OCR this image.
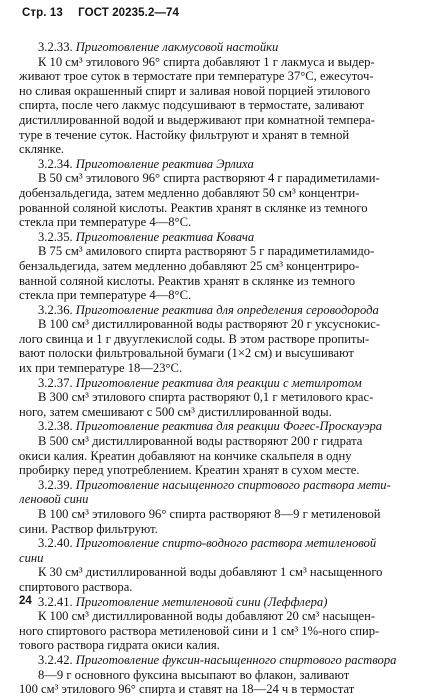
Стр. 13 ГОСТ 20235.2—74

3.2.33. Приготовление лакмусовой настойки
К 10 см³ этилового 96° спирта добавляют 1 г лакмуса и выдер-
живают трое суток в термостате при температуре 37°С, ежесуточ-
но сливая окрашенный спирт и заливая новой порцией этилового
спирта, после чего лакмус подсушивают в термостате, заливают
дистиллированной водой и выдерживают при комнатной темпера-
туре в течение суток. Настойку фильтруют и хранят в темной
склянке.

3.2.34. Приготовление реактива Эрлиха
В 50 см³ этилового 96° спирта растворяют 4 г парадиметилами-
добензальдегида, затем медленно добавляют 50 см³ концентри-
рованной соляной кислоты. Реактив хранят в склянке из темного
стекла при температуре 4—8°С.

3.2.35. Приготовление реактива Ковача
В 75 см³ амилового спирта растворяют 5 г парадиметиламидо-
бензальдегида, затем медленно добавляют 25 см³ концентриро-
ванной соляной кислоты. Реактив хранят в склянке из темного
стекла при температуре 4—8°С.

3.2.36. Приготовление реактива для определения сероводорода
В 100 см³ дистиллированной воды растворяют 20 г уксуснокис-
лого свинца и 1 г двууглекислой соды. В этом растворе пропиты-
вают полоски фильтровальной бумаги (1×2 см) и высушивают
их при температуре 18—23°С.

3.2.37. Приготовление реактива для реакции с метилротом
В 300 см³ этилового спирта растворяют 0,1 г метилового крас-
ного, затем смешивают с 500 см³ дистиллированной воды.

3.2.38. Приготовление реактива для реакции Фогес-Проскауэра
В 500 см³ дистиллированной воды растворяют 200 г гидрата
окиси калия. Креатин добавляют на кончике скальпеля в одну
пробирку перед употреблением. Креатин хранят в сухом месте.

3.2.39. Приготовление насыщенного спиртового раствора мети-
леновой сини
В 100 см³ этилового 96° спирта растворяют 8—9 г метиленовой
сини. Раствор фильтруют.

3.2.40. Приготовление спирто-водного раствора метиленовой
сини
К 30 см³ дистиллированной воды добавляют 1 см³ насыщенного
спиртового раствора.

3.2.41. Приготовление метиленовой сини (Леффлера)
К 100 см³ дистиллированной воды добавляют 20 см³ насыщен-
ного спиртового раствора метиленовой сини и 1 см³ 1%-ного спир-
тового раствора гидрата окиси калия.

3.2.42. Приготовление фуксин-насыщенного спиртового раствора
8—9 г основного фуксина высыпают во флакон, заливают
100 см³ этилового 96° спирта и ставят на 18—24 ч в термостат

24
